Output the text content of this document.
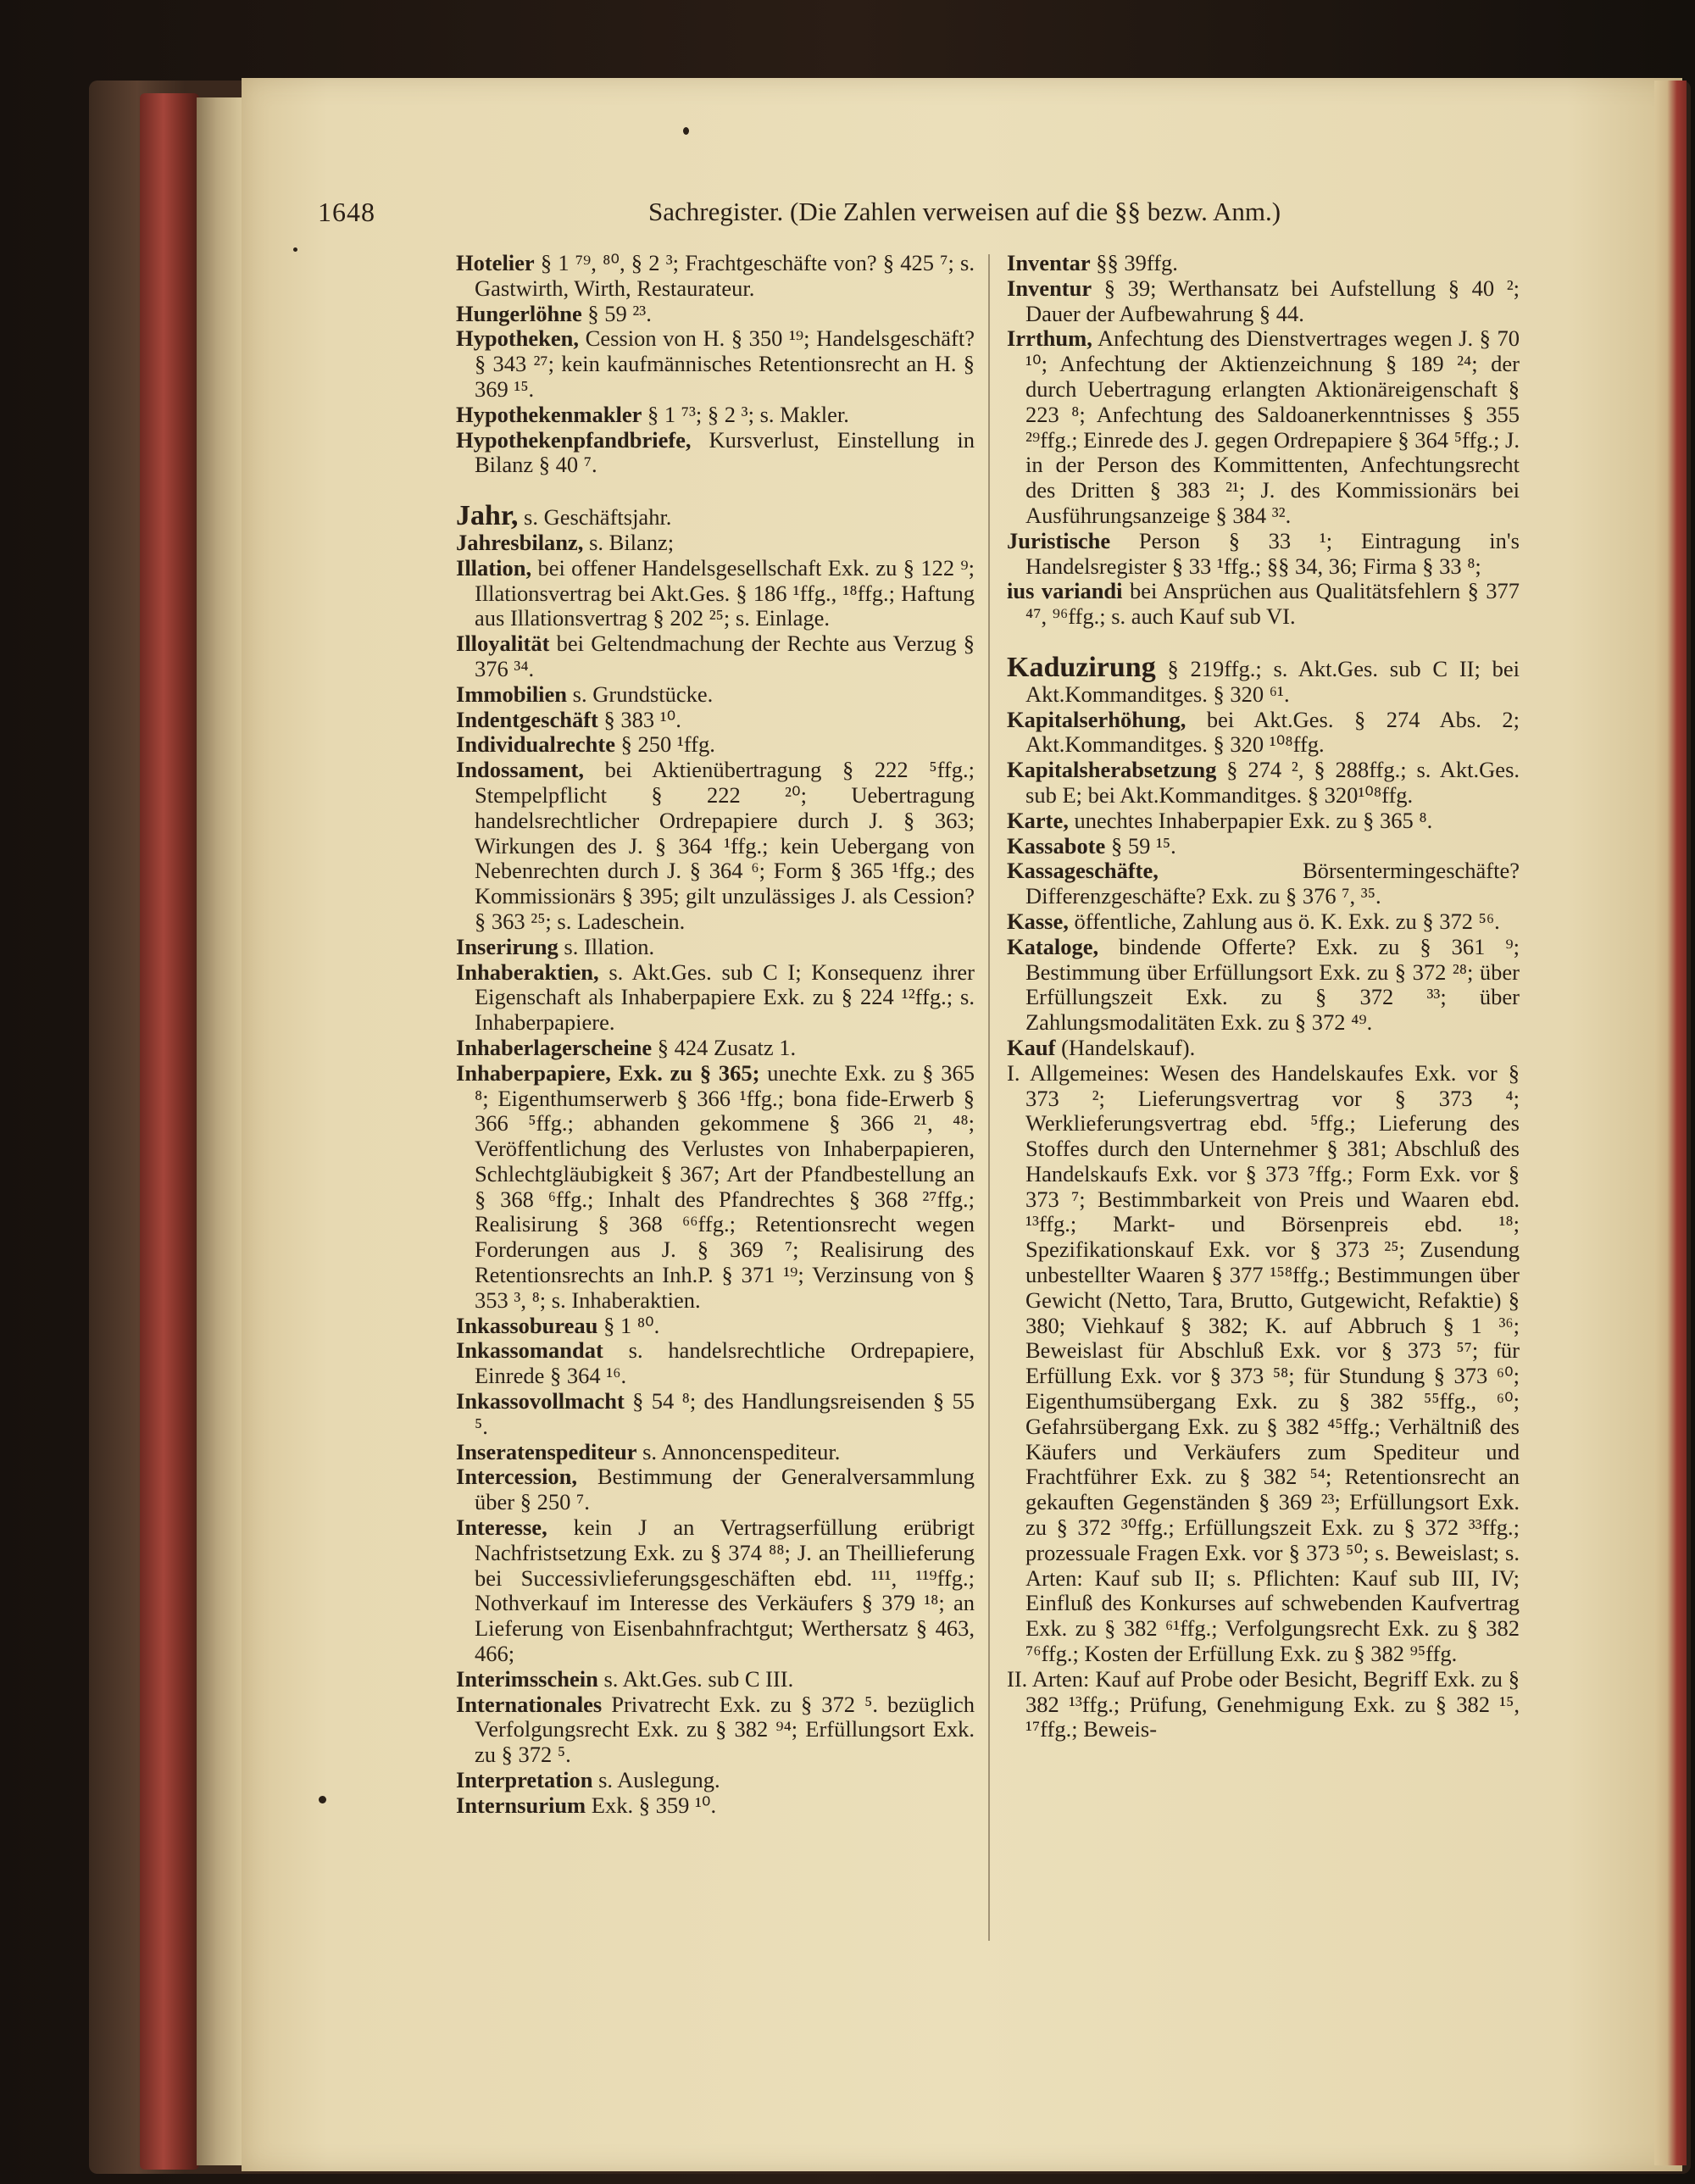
1648	Sachregister. (Die Zahlen verweisen auf die §§ bezw. Anm.)

Hotelier § 1 ⁷⁹, ⁸⁰, § 2 ³; Frachtgeschäfte von? § 425 ⁷; s. Gastwirth, Wirth, Restaurateur.

Hungerlöhne § 59 ²³.

Hypotheken, Cession von H. § 350 ¹⁹; Handelsgeschäft? § 343 ²⁷; kein kaufmännisches Retentionsrecht an H. § 369 ¹⁵.

Hypothekenmakler § 1 ⁷³; § 2 ³; s. Makler.

Hypothekenpfandbriefe, Kursverlust, Einstellung in Bilanz § 40 ⁷.

Jahr, s. Geschäftsjahr.

Jahresbilanz, s. Bilanz;

Illation, bei offener Handelsgesellschaft Exk. zu § 122 ⁹; Illationsvertrag bei Akt.Ges. § 186 ¹ffg., ¹⁸ffg.; Haftung aus Illationsvertrag § 202 ²⁵; s. Einlage.

Illoyalität bei Geltendmachung der Rechte aus Verzug § 376 ³⁴.

Immobilien s. Grundstücke.

Indentgeschäft § 383 ¹⁰.

Individualrechte § 250 ¹ffg.

Indossament, bei Aktienübertragung § 222 ⁵ffg.; Stempelpflicht § 222 ²⁰; Uebertragung handelsrechtlicher Ordrepapiere durch J. § 363; Wirkungen des J. § 364 ¹ffg.; kein Uebergang von Nebenrechten durch J. § 364 ⁶; Form § 365 ¹ffg.; des Kommissionärs § 395; gilt unzulässiges J. als Cession? § 363 ²⁵; s. Ladeschein.

Inserirung s. Illation.

Inhaberaktien, s. Akt.Ges. sub C I; Konsequenz ihrer Eigenschaft als Inhaberpapiere Exk. zu § 224 ¹²ffg.; s. Inhaberpapiere.

Inhaberlagerscheine § 424 Zusatz 1.

Inhaberpapiere, Exk. zu § 365; unechte Exk. zu § 365 ⁸; Eigenthumserwerb § 366 ¹ffg.; bona fide-Erwerb § 366 ⁵ffg.; abhanden gekommene § 366 ²¹, ⁴⁸; Veröffentlichung des Verlustes von Inhaberpapieren, Schlechtgläubigkeit § 367; Art der Pfandbestellung an § 368 ⁶ffg.; Inhalt des Pfandrechtes § 368 ²⁷ffg.; Realisirung § 368 ⁶⁶ffg.; Retentionsrecht wegen Forderungen aus J. § 369 ⁷; Realisirung des Retentionsrechts an Inh.P. § 371 ¹⁹; Verzinsung von § 353 ³, ⁸; s. Inhaberaktien.

Inkassobureau § 1 ⁸⁰.

Inkassomandat s. handelsrechtliche Ordrepapiere, Einrede § 364 ¹⁶.

Inkassovollmacht § 54 ⁸; des Handlungsreisenden § 55 ⁵.

Inseratenspediteur s. Annoncenspediteur.

Intercession, Bestimmung der Generalversammlung über § 250 ⁷.

Interesse, kein J an Vertragserfüllung erübrigt Nachfristsetzung Exk. zu § 374 ⁸⁸; J. an Theillieferung bei Successivlieferungsgeschäften ebd. ¹¹¹, ¹¹⁹ffg.; Nothverkauf im Interesse des Verkäufers § 379 ¹⁸; an Lieferung von Eisenbahnfrachtgut; Werthersatz § 463, 466;

Interimsschein s. Akt.Ges. sub C III.

Internationales Privatrecht Exk. zu § 372 ⁵. bezüglich Verfolgungsrecht Exk. zu § 382 ⁹⁴; Erfüllungsort Exk. zu § 372 ⁵.

Interpretation s. Auslegung.

Internsurium Exk. § 359 ¹⁰.

Inventar §§ 39ffg.

Inventur § 39; Werthansatz bei Aufstellung § 40 ²; Dauer der Aufbewahrung § 44.

Irrthum, Anfechtung des Dienstvertrages wegen J. § 70 ¹⁰; Anfechtung der Aktienzeichnung § 189 ²⁴; der durch Uebertragung erlangten Aktionäreigenschaft § 223 ⁸; Anfechtung des Saldoanerkenntnisses § 355 ²⁹ffg.; Einrede des J. gegen Ordrepapiere § 364 ⁵ffg.; J. in der Person des Kommittenten, Anfechtungsrecht des Dritten § 383 ²¹; J. des Kommissionärs bei Ausführungsanzeige § 384 ³².

Juristische Person § 33 ¹; Eintragung in's Handelsregister § 33 ¹ffg.; §§ 34, 36; Firma § 33 ⁸;

ius variandi bei Ansprüchen aus Qualitätsfehlern § 377 ⁴⁷, ⁹⁶ffg.; s. auch Kauf sub VI.

Kaduzirung § 219ffg.; s. Akt.Ges. sub C II; bei Akt.Kommanditges. § 320 ⁶¹.

Kapitalserhöhung, bei Akt.Ges. § 274 Abs. 2; Akt.Kommanditges. § 320 ¹⁰⁸ffg.

Kapitalsherabsetzung § 274 ², § 288ffg.; s. Akt.Ges. sub E; bei Akt.Kommanditges. § 320¹⁰⁸ffg.

Karte, unechtes Inhaberpapier Exk. zu § 365 ⁸.

Kassabote § 59 ¹⁵.

Kassageschäfte,	Börsentermingeschäfte? Differenzgeschäfte? Exk. zu § 376 ⁷, ³⁵.

Kasse, öffentliche, Zahlung aus ö. K. Exk. zu § 372 ⁵⁶.

Kataloge, bindende Offerte? Exk. zu § 361 ⁹; Bestimmung über Erfüllungsort Exk. zu § 372 ²⁸; über Erfüllungszeit Exk. zu § 372 ³³; über Zahlungsmodalitäten Exk. zu § 372 ⁴⁹.

Kauf (Handelskauf).

I. Allgemeines: Wesen des Handelskaufes Exk. vor § 373 ²; Lieferungsvertrag vor § 373 ⁴; Werklieferungsvertrag ebd. ⁵ffg.; Lieferung des Stoffes durch den Unternehmer § 381; Abschluß des Handelskaufs Exk. vor § 373 ⁷ffg.; Form Exk. vor § 373 ⁷; Bestimmbarkeit von Preis und Waaren ebd. ¹³ffg.; Markt- und Börsenpreis ebd. ¹⁸; Spezifikationskauf Exk. vor § 373 ²⁵; Zusendung unbestellter Waaren § 377 ¹⁵⁸ffg.; Bestimmungen über Gewicht (Netto, Tara, Brutto, Gutgewicht, Refaktie) § 380; Viehkauf § 382; K. auf Abbruch § 1 ³⁶; Beweislast für Abschluß Exk. vor § 373 ⁵⁷; für Erfüllung Exk. vor § 373 ⁵⁸; für Stundung § 373 ⁶⁰; Eigenthumsübergang Exk. zu § 382 ⁵⁵ffg., ⁶⁰; Gefahrsübergang Exk. zu § 382 ⁴⁵ffg.; Verhältniß des Käufers und Verkäufers zum Spediteur und Frachtführer Exk. zu § 382 ⁵⁴; Retentionsrecht an gekauften Gegenständen § 369 ²³; Erfüllungsort Exk. zu § 372 ³⁰ffg.; Erfüllungszeit Exk. zu § 372 ³³ffg.; prozessuale Fragen Exk. vor § 373 ⁵⁰; s. Beweislast; s. Arten: Kauf sub II; s. Pflichten: Kauf sub III, IV; Einfluß des Konkurses auf schwebenden Kaufvertrag Exk. zu § 382 ⁶¹ffg.; Verfolgungsrecht Exk. zu § 382 ⁷⁶ffg.; Kosten der Erfüllung Exk. zu § 382 ⁹⁵ffg.

II. Arten: Kauf auf Probe oder Besicht, Begriff Exk. zu § 382 ¹³ffg.; Prüfung, Genehmigung Exk. zu § 382 ¹⁵, ¹⁷ffg.; Beweis-
